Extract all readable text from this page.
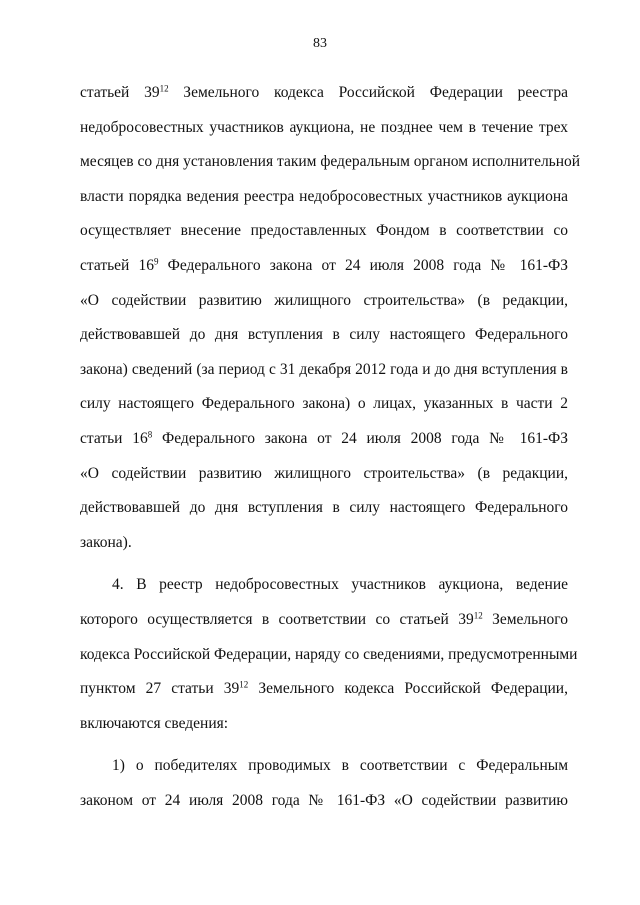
83
статьей $39^{12}$ Земельного кодекса Российской Федерации реестра
недобросовестных участников аукциона, не позднее чем в течение трех
месяцев со дня установления таким федеральным органом исполнительной
власти порядка ведения реестра недобросовестных участников аукциона
осуществляет внесение предоставленных Фондом в соответствии со
статьей $16^9$ Федерального закона от 24 июля 2008 года № 161-ФЗ
«О содействии развитию жилищного строительства» (в редакции,
действовавшей до дня вступления в силу настоящего Федерального
закона) сведений (за период с 31 декабря 2012 года и до дня вступления в
силу настоящего Федерального закона) о лицах, указанных в части 2
статьи $16^8$ Федерального закона от 24 июля 2008 года № 161-ФЗ
«О содействии развитию жилищного строительства» (в редакции,
действовавшей до дня вступления в силу настоящего Федерального
закона).
4. В реестр недобросовестных участников аукциона, ведение
которого осуществляется в соответствии со статьей $39^{12}$ Земельного
кодекса Российской Федерации, наряду со сведениями, предусмотренными
пунктом 27 статьи $39^{12}$ Земельного кодекса Российской Федерации,
включаются сведения:
1) о победителях проводимых в соответствии с Федеральным
законом от 24 июля 2008 года № 161-ФЗ «О содействии развитию
